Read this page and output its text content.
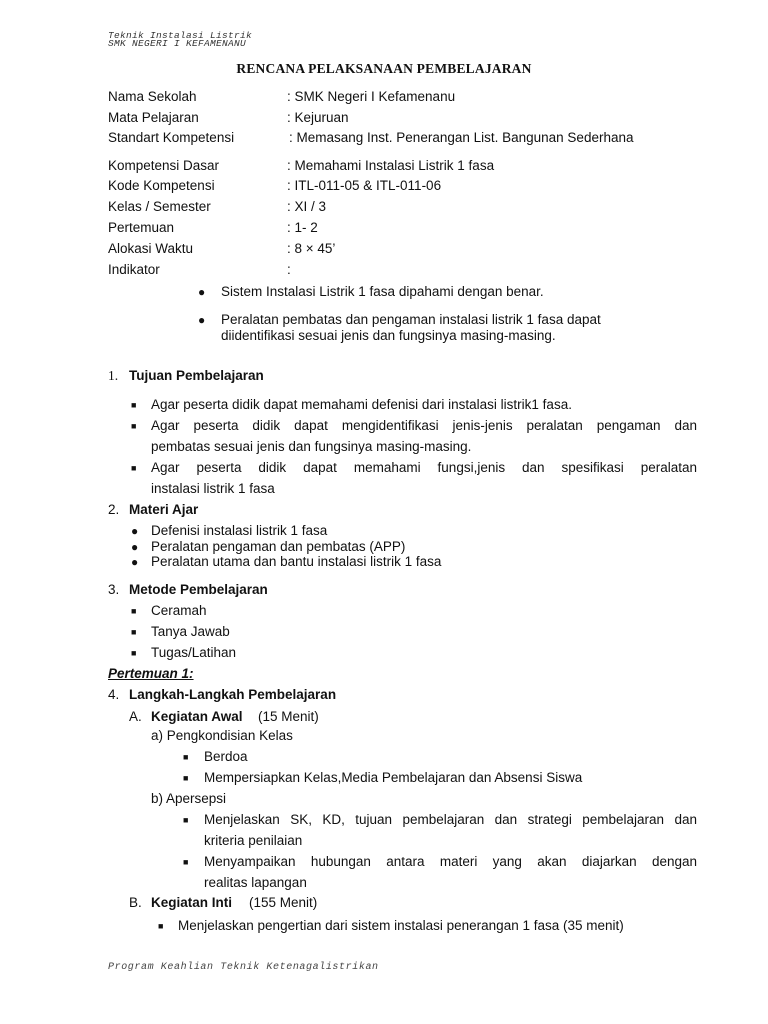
Teknik Instalasi Listrik
SMK NEGERI I KEFAMENANU
RENCANA PELAKSANAAN PEMBELAJARAN
Nama Sekolah	: SMK Negeri I Kefamenanu
Mata Pelajaran	: Kejuruan
Standart Kompetensi	: Memasang Inst. Penerangan List. Bangunan Sederhana
Kompetensi Dasar	: Memahami Instalasi Listrik 1 fasa
Kode Kompetensi	: ITL-011-05 & ITL-011-06
Kelas / Semester	: XI / 3
Pertemuan	: 1- 2
Alokasi Waktu	: 8 × 45’
Indikator	:
● Sistem Instalasi Listrik 1 fasa dipahami dengan benar.
● Peralatan pembatas dan pengaman instalasi listrik 1 fasa dapat
diidentifikasi sesuai jenis dan fungsinya masing-masing.
1. Tujuan Pembelajaran
■ Agar peserta didik dapat memahami defenisi dari instalasi listrik1 fasa.
■ Agar peserta didik dapat mengidentifikasi jenis-jenis peralatan pengaman dan
pembatas sesuai jenis dan fungsinya masing-masing.
■ Agar peserta didik dapat memahami fungsi,jenis dan spesifikasi peralatan
instalasi listrik 1 fasa
2. Materi Ajar
● Defenisi instalasi listrik 1 fasa
● Peralatan pengaman dan pembatas (APP)
● Peralatan utama dan bantu instalasi listrik 1 fasa
3. Metode Pembelajaran
■ Ceramah
■ Tanya Jawab
■ Tugas/Latihan
Pertemuan 1:
4. Langkah-Langkah Pembelajaran
A. Kegiatan Awal (15 Menit)
a) Pengkondisian Kelas
■ Berdoa
■ Mempersiapkan Kelas,Media Pembelajaran dan Absensi Siswa
b) Apersepsi
■ Menjelaskan SK, KD, tujuan pembelajaran dan strategi pembelajaran dan
kriteria penilaian
■ Menyampaikan hubungan antara materi yang akan diajarkan dengan
realitas lapangan
B. Kegiatan Inti (155 Menit)
■ Menjelaskan pengertian dari sistem instalasi penerangan 1 fasa (35 menit)
Program Keahlian Teknik Ketenagalistrikan
